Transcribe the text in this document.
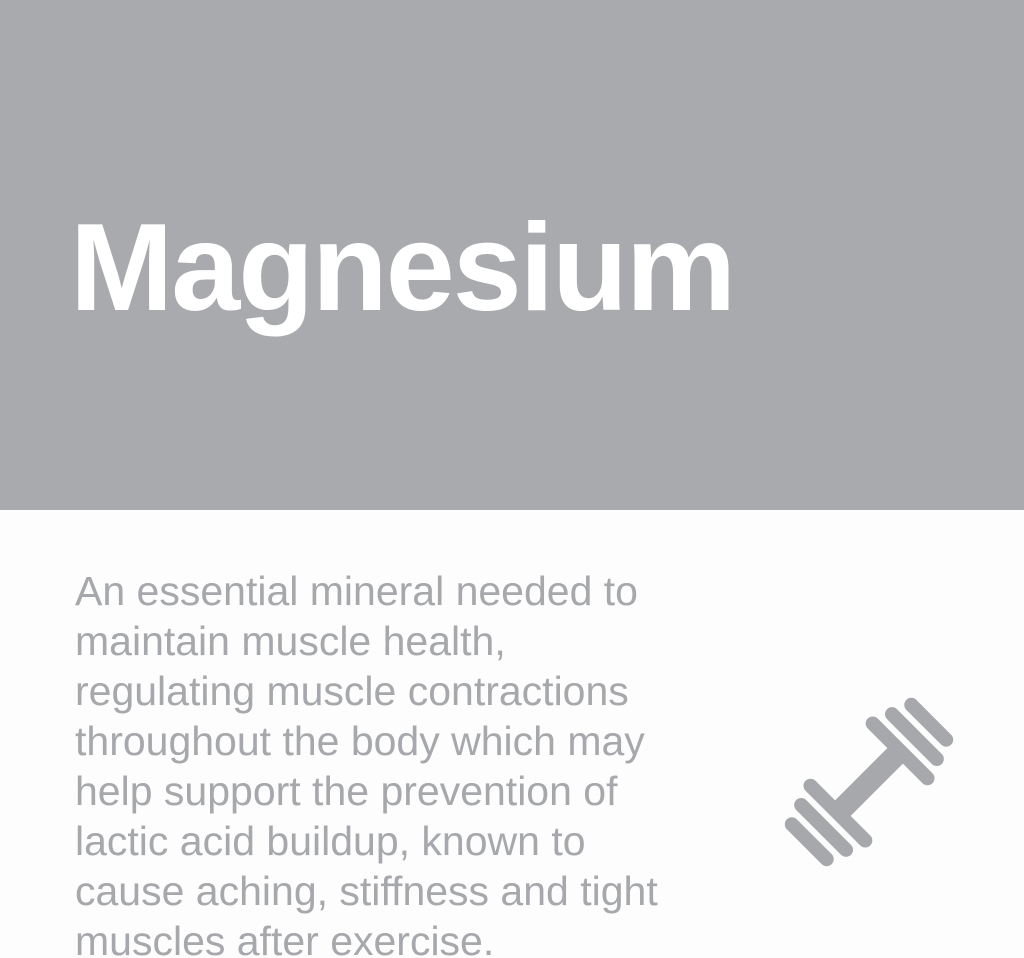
Magnesium
An essential mineral needed to
maintain muscle health,
regulating muscle contractions
throughout the body which may
help support the prevention of
lactic acid buildup, known to
cause aching, stiffness and tight
muscles after exercise.
